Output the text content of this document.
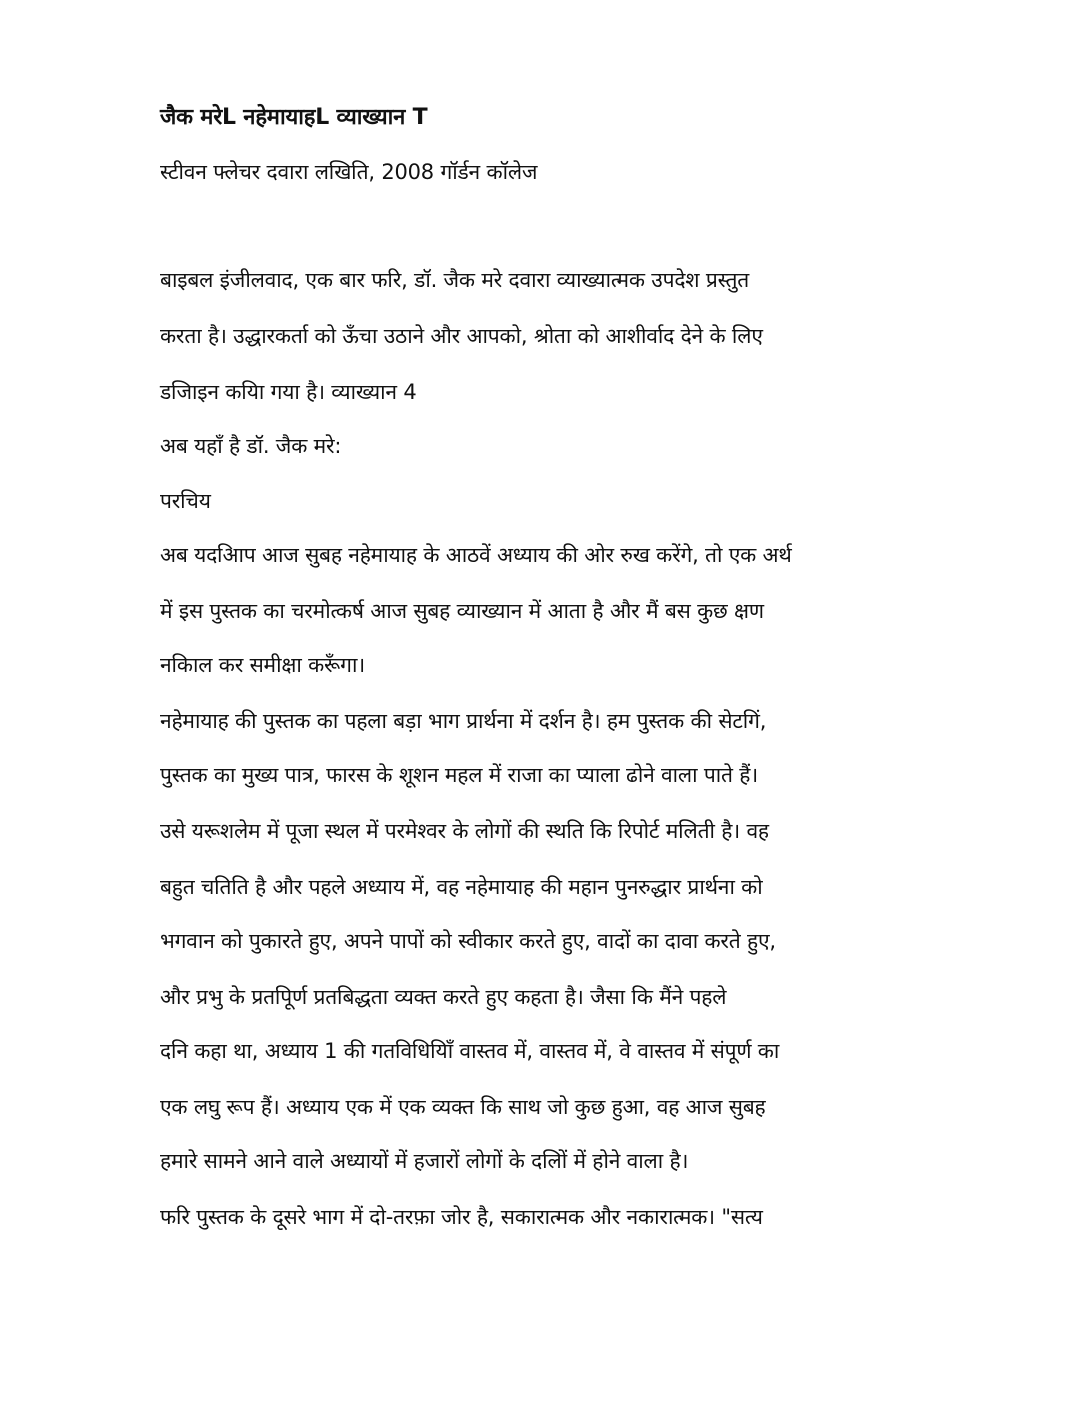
जैक मरेL नहेमायाहL व्याख्यान T
स्टीवन फ्लेचर दवारा लखिति, 2008 गॉर्डन कॉलेज
बाइबल इंजीलवाद, एक बार फरि, डॉ. जैक मरे दवारा व्याख्यात्मक उपदेश प्रस्तुत
करता है। उद्धारकर्ता को ऊँचा उठाने और आपको, श्रोता को आशीर्वाद देने के लिए
डजिाइन कयिा गया है। व्याख्यान 4
अब यहाँ है डॉ. जैक मरे:
परचिय
अब यदआिप आज सुबह नहेमायाह के आठवें अध्याय की ओर रुख करेंगे, तो एक अर्थ
में इस पुस्तक का चरमोत्कर्ष आज सुबह व्याख्यान में आता है और मैं बस कुछ क्षण
नकिाल कर समीक्षा करूँगा।
नहेमायाह की पुस्तक का पहला बड़ा भाग प्रार्थना में दर्शन है। हम पुस्तक की सेटगिं,
पुस्तक का मुख्य पात्र, फारस के शूशन महल में राजा का प्याला ढोने वाला पाते हैं।
उसे यरूशलेम में पूजा स्थल में परमेश्वर के लोगों की स्थति कि रिपोर्ट मलिती है। वह
बहुत चतिति है और पहले अध्याय में, वह नहेमायाह की महान पुनरुद्धार प्रार्थना को
भगवान को पुकारते हुए, अपने पापों को स्वीकार करते हुए, वादों का दावा करते हुए,
और प्रभु के प्रतपिूर्ण प्रतबिद्धता व्यक्त करते हुए कहता है। जैसा कि मैंने पहले
दनि कहा था, अध्याय 1 की गतविधियिाँ वास्तव में, वास्तव में, वे वास्तव में संपूर्ण का
एक लघु रूप हैं। अध्याय एक में एक व्यक्त कि साथ जो कुछ हुआ, वह आज सुबह
हमारे सामने आने वाले अध्यायों में हजारों लोगों के दलिों में होने वाला है।
फरि पुस्तक के दूसरे भाग में दो-तरफ़ा जोर है, सकारात्मक और नकारात्मक। "सत्य
